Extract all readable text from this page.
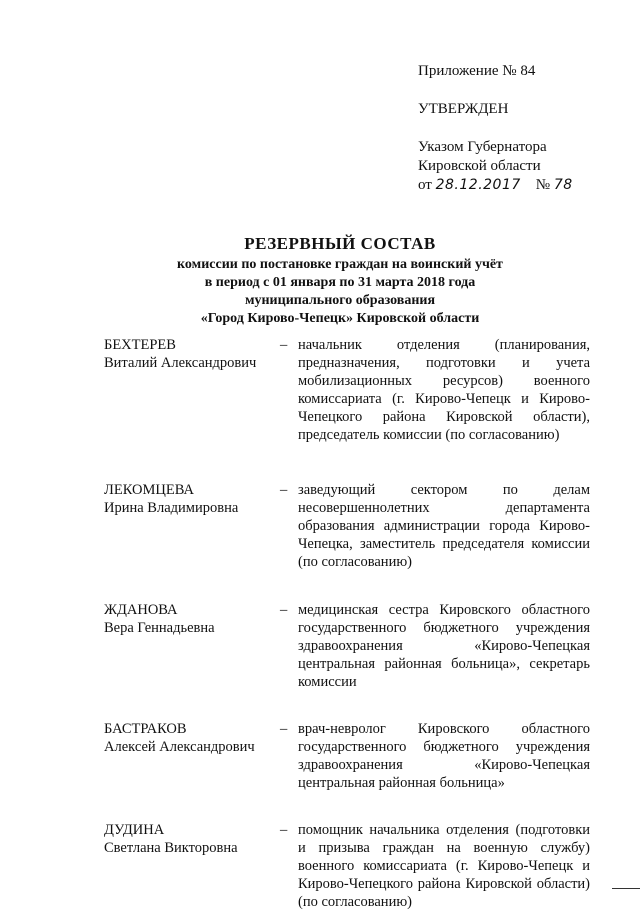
Приложение № 84

УТВЕРЖДЕН

Указом Губернатора

Кировской области

от 28.12.2017 № 78

РЕЗЕРВНЫЙ СОСТАВ
комиссии по постановке граждан на воинский учёт
в период с 01 января по 31 марта 2018 года
муниципального образования
«Город Кирово-Чепецк» Кировской области
БЕХТЕРЕВ
Виталий Александрович
– начальник отделения (планирования, предназначения, подготовки и учета мобилизационных ресурсов) военного комиссариата (г. Кирово-Чепецк и Кирово-Чепецкого района Кировской области), председатель комиссии (по согласованию)
ЛЕКОМЦЕВА
Ирина Владимировна
– заведующий сектором по делам несовершеннолетних департамента образования администрации города Кирово-Чепецка, заместитель председателя комиссии (по согласованию)
ЖДАНОВА
Вера Геннадьевна
– медицинская сестра Кировского областного государственного бюджетного учреждения здравоохранения «Кирово-Чепецкая центральная районная больница», секретарь комиссии
БАСТРАКОВ
Алексей Александрович
– врач-невролог Кировского областного государственного бюджетного учреждения здравоохранения «Кирово-Чепецкая центральная районная больница»
ДУДИНА
Светлана Викторовна
– помощник начальника отделения (подготовки и призыва граждан на военную службу) военного комиссариата (г. Кирово-Чепецк и Кирово-Чепецкого района Кировской области) (по согласованию)
